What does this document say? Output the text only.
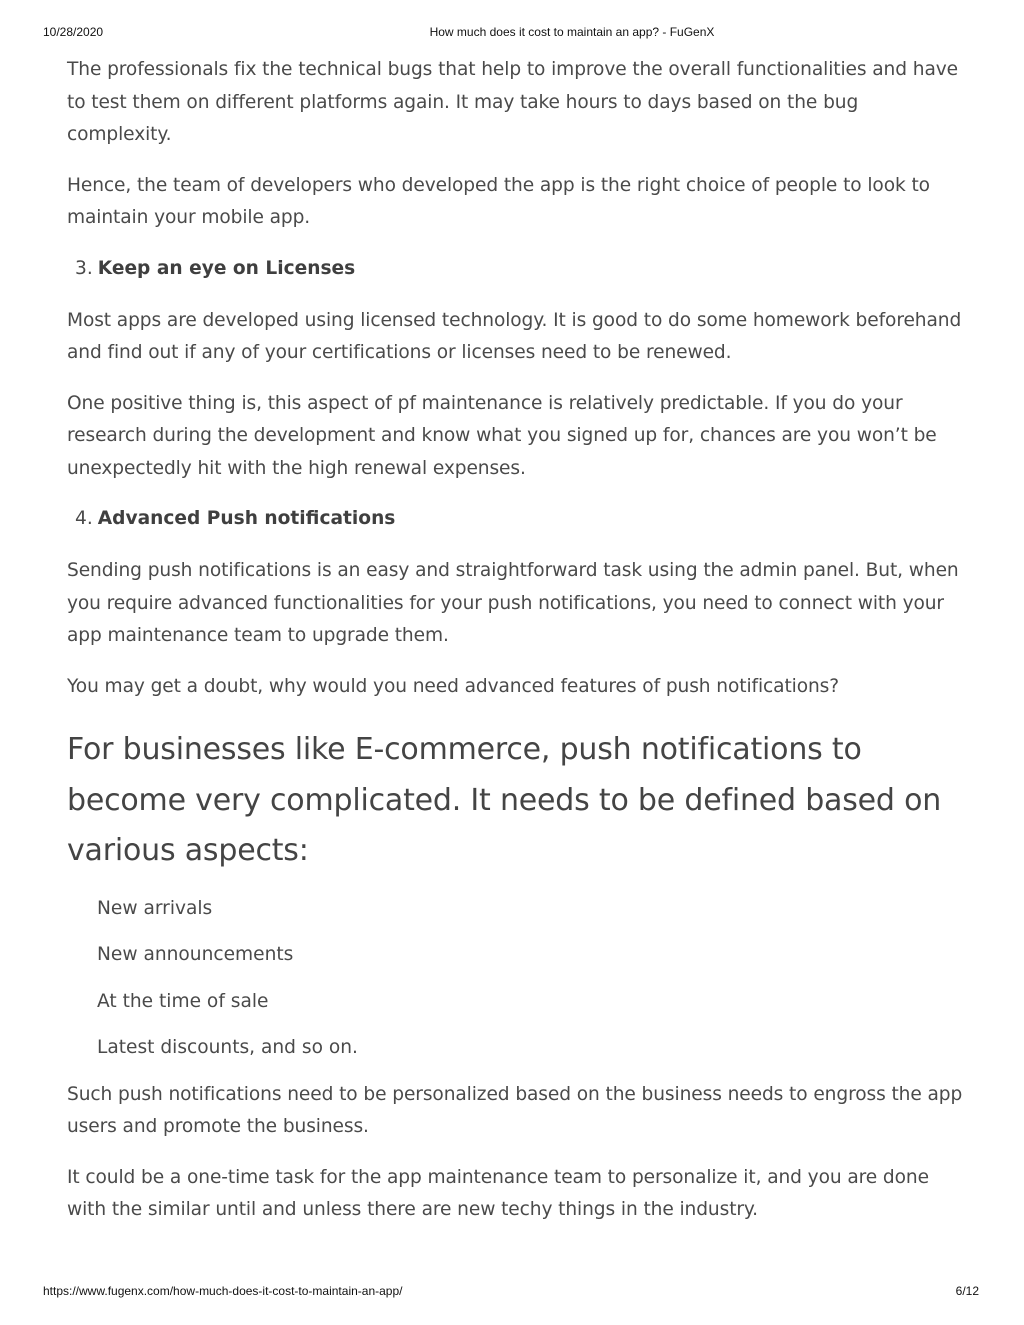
10/28/2020	How much does it cost to maintain an app? - FuGenX

The professionals fix the technical bugs that help to improve the overall functionalities and have to test them on different platforms again. It may take hours to days based on the bug complexity.

Hence, the team of developers who developed the app is the right choice of people to look to maintain your mobile app.

3. Keep an eye on Licenses

Most apps are developed using licensed technology. It is good to do some homework beforehand and find out if any of your certifications or licenses need to be renewed.

One positive thing is, this aspect of pf maintenance is relatively predictable. If you do your research during the development and know what you signed up for, chances are you won’t be unexpectedly hit with the high renewal expenses.

4. Advanced Push notifications

Sending push notifications is an easy and straightforward task using the admin panel. But, when you require advanced functionalities for your push notifications, you need to connect with your app maintenance team to upgrade them.

You may get a doubt, why would you need advanced features of push notifications?

For businesses like E-commerce, push notifications to become very complicated. It needs to be defined based on various aspects:
New arrivals
New announcements
At the time of sale
Latest discounts, and so on.

Such push notifications need to be personalized based on the business needs to engross the app users and promote the business.

It could be a one-time task for the app maintenance team to personalize it, and you are done with the similar until and unless there are new techy things in the industry.

https://www.fugenx.com/how-much-does-it-cost-to-maintain-an-app/	6/12
